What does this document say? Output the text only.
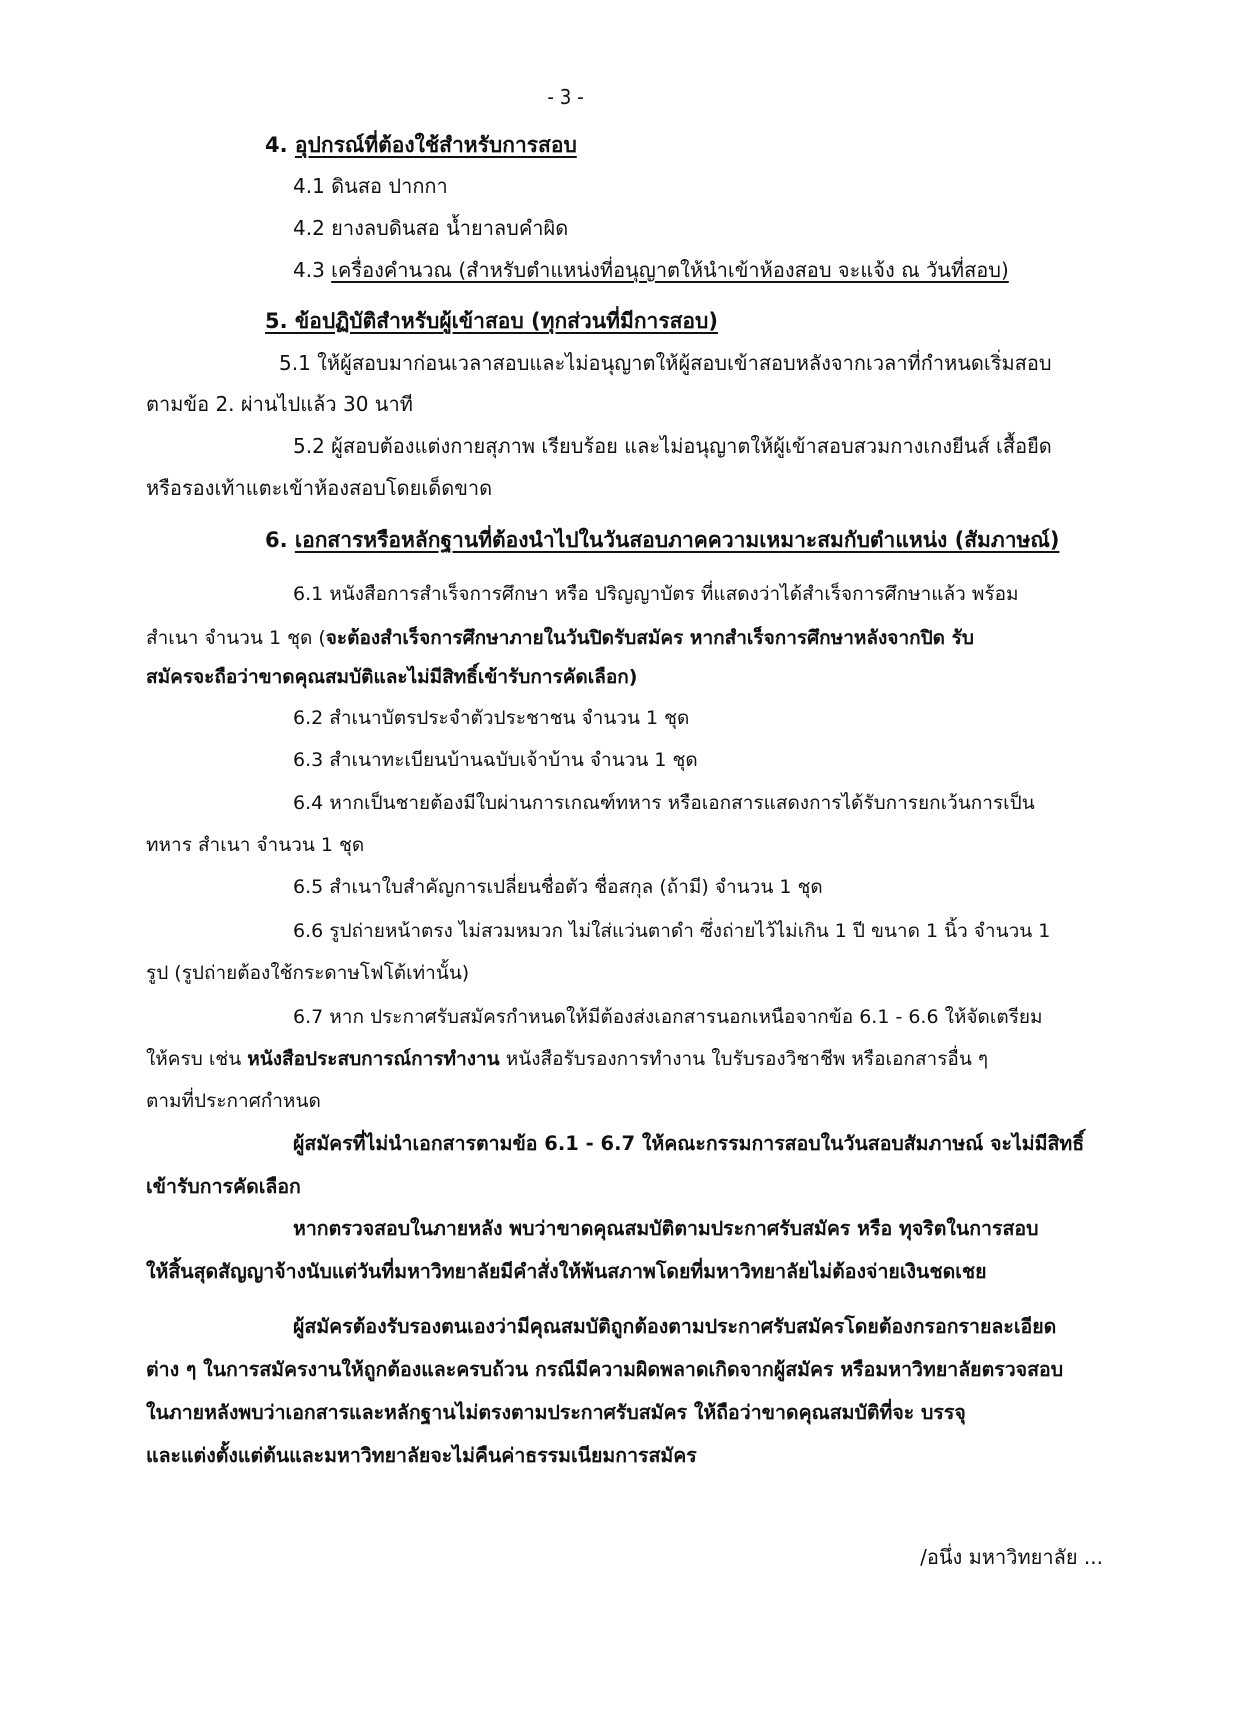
- 3 -
4. อุปกรณ์ที่ต้องใช้สำหรับการสอบ
4.1 ดินสอ ปากกา
4.2 ยางลบดินสอ น้ำยาลบคำผิด
4.3 เครื่องคำนวณ (สำหรับตำแหน่งที่อนุญาตให้นำเข้าห้องสอบ จะแจ้ง ณ วันที่สอบ)
5. ข้อปฏิบัติสำหรับผู้เข้าสอบ (ทุกส่วนที่มีการสอบ)
5.1 ให้ผู้สอบมาก่อนเวลาสอบและไม่อนุญาตให้ผู้สอบเข้าสอบหลังจากเวลาที่กำหนดเริ่มสอบ
ตามข้อ 2. ผ่านไปแล้ว 30 นาที
5.2 ผู้สอบต้องแต่งกายสุภาพ เรียบร้อย และไม่อนุญาตให้ผู้เข้าสอบสวมกางเกงยีนส์ เสื้อยืด
หรือรองเท้าแตะเข้าห้องสอบโดยเด็ดขาด
6. เอกสารหรือหลักฐานที่ต้องนำไปในวันสอบภาคความเหมาะสมกับตำแหน่ง (สัมภาษณ์)
6.1 หนังสือการสำเร็จการศึกษา หรือ ปริญญาบัตร ที่แสดงว่าได้สำเร็จการศึกษาแล้ว พร้อม
สำเนา จำนวน 1 ชุด (จะต้องสำเร็จการศึกษาภายในวันปิดรับสมัคร หากสำเร็จการศึกษาหลังจากปิด รับ
สมัครจะถือว่าขาดคุณสมบัติและไม่มีสิทธิ์เข้ารับการคัดเลือก)
6.2 สำเนาบัตรประจำตัวประชาชน จำนวน 1 ชุด
6.3 สำเนาทะเบียนบ้านฉบับเจ้าบ้าน จำนวน 1 ชุด
6.4 หากเป็นชายต้องมีใบผ่านการเกณฑ์ทหาร หรือเอกสารแสดงการได้รับการยกเว้นการเป็น
ทหาร สำเนา จำนวน 1 ชุด
6.5 สำเนาใบสำคัญการเปลี่ยนชื่อตัว ชื่อสกุล (ถ้ามี) จำนวน 1 ชุด
6.6 รูปถ่ายหน้าตรง ไม่สวมหมวก ไม่ใส่แว่นตาดำ ซึ่งถ่ายไว้ไม่เกิน 1 ปี ขนาด 1 นิ้ว จำนวน 1
รูป (รูปถ่ายต้องใช้กระดาษโฟโต้เท่านั้น)
6.7 หาก ประกาศรับสมัครกำหนดให้มีต้องส่งเอกสารนอกเหนือจากข้อ 6.1 - 6.6 ให้จัดเตรียม
ให้ครบ เช่น หนังสือประสบการณ์การทำงาน หนังสือรับรองการทำงาน ใบรับรองวิชาชีพ หรือเอกสารอื่น ๆ
ตามที่ประกาศกำหนด
ผู้สมัครที่ไม่นำเอกสารตามข้อ 6.1 - 6.7 ให้คณะกรรมการสอบในวันสอบสัมภาษณ์ จะไม่มีสิทธิ์
เข้ารับการคัดเลือก
หากตรวจสอบในภายหลัง พบว่าขาดคุณสมบัติตามประกาศรับสมัคร หรือ ทุจริตในการสอบ
ให้สิ้นสุดสัญญาจ้างนับแต่วันที่มหาวิทยาลัยมีคำสั่งให้พ้นสภาพโดยที่มหาวิทยาลัยไม่ต้องจ่ายเงินชดเชย
ผู้สมัครต้องรับรองตนเองว่ามีคุณสมบัติถูกต้องตามประกาศรับสมัครโดยต้องกรอกรายละเอียด
ต่าง ๆ ในการสมัครงานให้ถูกต้องและครบถ้วน กรณีมีความผิดพลาดเกิดจากผู้สมัคร หรือมหาวิทยาลัยตรวจสอบ
ในภายหลังพบว่าเอกสารและหลักฐานไม่ตรงตามประกาศรับสมัคร ให้ถือว่าขาดคุณสมบัติที่จะ บรรจุ
และแต่งตั้งแต่ต้นและมหาวิทยาลัยจะไม่คืนค่าธรรมเนียมการสมัคร
/อนึ่ง มหาวิทยาลัย ...
